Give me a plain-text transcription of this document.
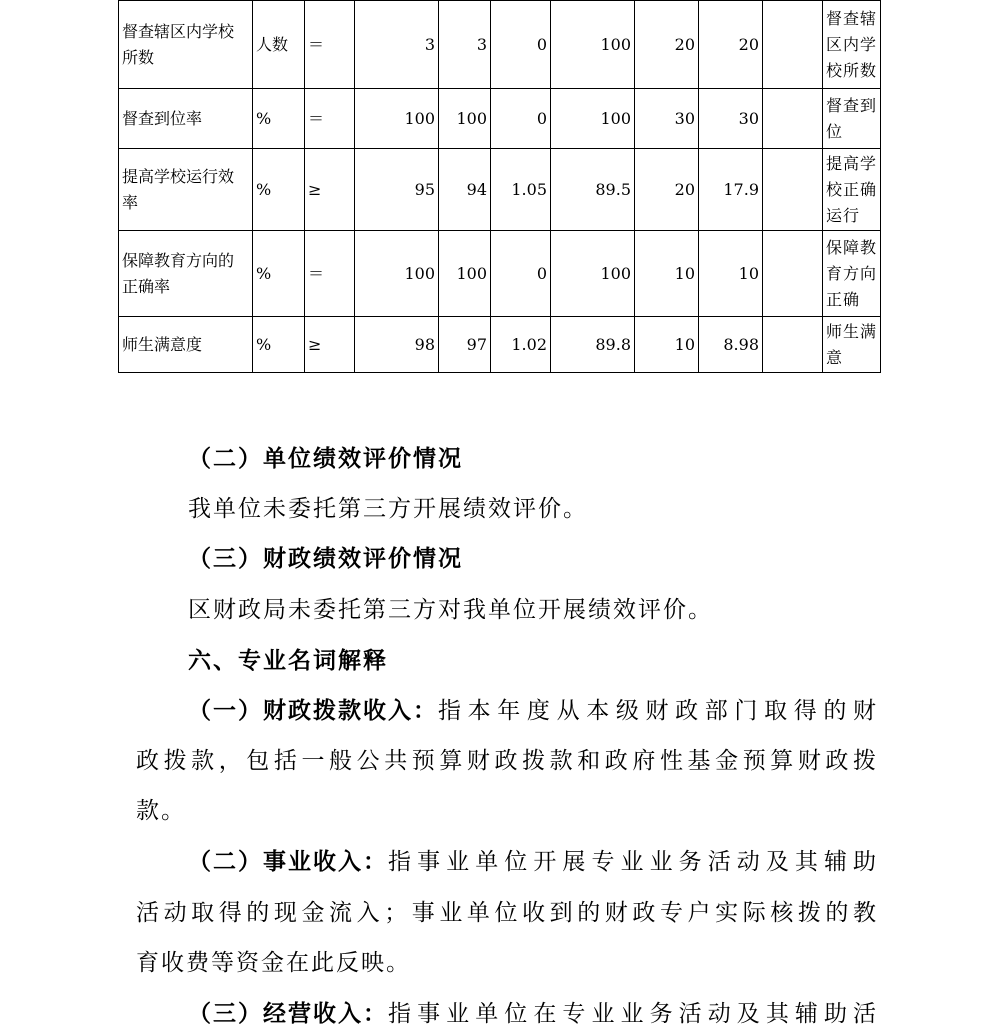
督查辖区内学校所数	人数	＝	3	3	0	100	20	20		督查辖区内学校所数
督查到位率	%	＝	100	100	0	100	30	30		督查到位
提高学校运行效率	%	≥	95	94	1.05	89.5	20	17.9		提高学校正确运行
保障教育方向的正确率	%	＝	100	100	0	100	10	10		保障教育方向正确
师生满意度	%	≥	98	97	1.02	89.8	10	8.98		师生满意
（二）单位绩效评价情况
我单位未委托第三方开展绩效评价。
（三）财政绩效评价情况
区财政局未委托第三方对我单位开展绩效评价。
六、专业名词解释
（一）财政拨款收入： 指本年度从本级财政部门取得的财
政拨款，包括一般公共预算财政拨款和政府性基金预算财政拨
款。
（二）事业收入： 指事业单位开展专业业务活动及其辅助
活动取得的现金流入；事业单位收到的财政专户实际核拨的教
育收费等资金在此反映。
（三）经营收入： 指事业单位在专业业务活动及其辅助活
